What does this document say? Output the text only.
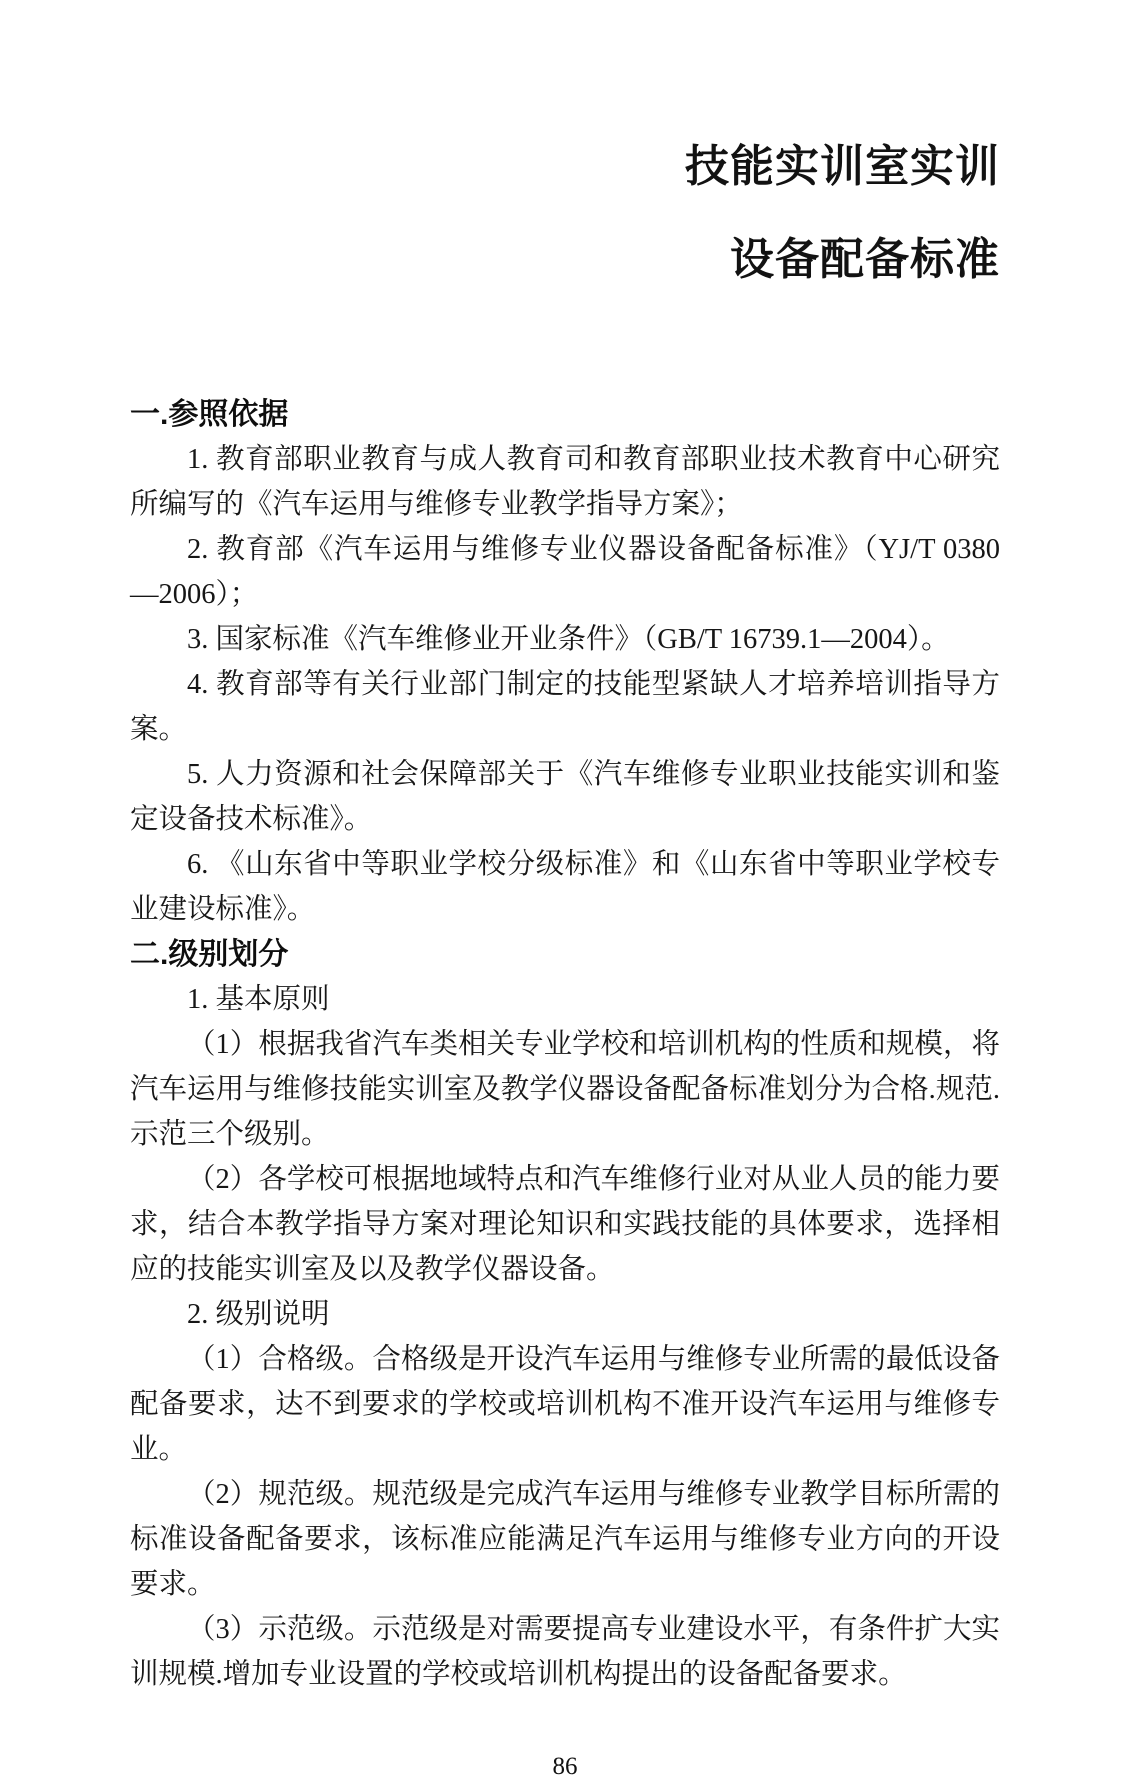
技能实训室实训
设备配备标准
一.参照依据

1. 教育部职业教育与成人教育司和教育部职业技术教育中心研究所编写的《汽车运用与维修专业教学指导方案》；

2. 教育部《汽车运用与维修专业仪器设备配备标准》（YJ/T 0380—2006）；

3. 国家标准《汽车维修业开业条件》（GB/T 16739.1—2004）。

4. 教育部等有关行业部门制定的技能型紧缺人才培养培训指导方案。

5. 人力资源和社会保障部关于《汽车维修专业职业技能实训和鉴定设备技术标准》。

6. 《山东省中等职业学校分级标准》和《山东省中等职业学校专业建设标准》。

二.级别划分

1. 基本原则

（1）根据我省汽车类相关专业学校和培训机构的性质和规模，将汽车运用与维修技能实训室及教学仪器设备配备标准划分为合格.规范.示范三个级别。

（2）各学校可根据地域特点和汽车维修行业对从业人员的能力要求，结合本教学指导方案对理论知识和实践技能的具体要求，选择相应的技能实训室及以及教学仪器设备。

2. 级别说明

（1）合格级。合格级是开设汽车运用与维修专业所需的最低设备配备要求，达不到要求的学校或培训机构不准开设汽车运用与维修专业。

（2）规范级。规范级是完成汽车运用与维修专业教学目标所需的标准设备配备要求，该标准应能满足汽车运用与维修专业方向的开设要求。

（3）示范级。示范级是对需要提高专业建设水平，有条件扩大实训规模.增加专业设置的学校或培训机构提出的设备配备要求。

86
